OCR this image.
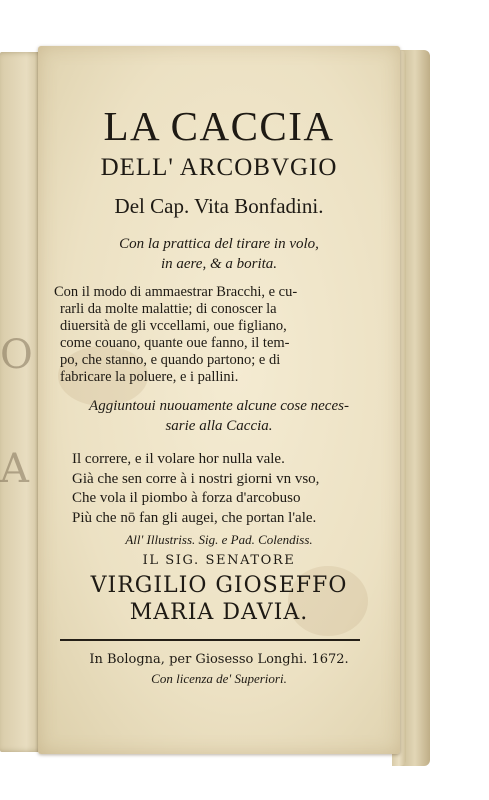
O
A
LA CACCIA
DELL' ARCOBVGIO
Del Cap. Vita Bonfadini.
Con la prattica del tirare in volo,
in aere, & a borita.
Con il modo di ammaestrar Bracchi, e cu-
rarli da molte malattie; di conoscer la
diuersità de gli vccellami, oue figliano,
come couano, quante oue fanno, il tem-
po, che stanno, e quando partono; e di
fabricare la poluere, e i pallini.
Aggiuntoui nuouamente alcune cose neces-
sarie alla Caccia.
Il correre, e il volare hor nulla vale.
Già che sen corre à i nostri giorni vn vso,
Che vola il piombo à forza d'arcobuso
Più che nō fan gli augei, che portan l'ale.
All' Illustriss. Sig. e Pad. Colendiss.
IL SIG. SENATORE
VIRGILIO GIOSEFFO
MARIA DAVIA.
In Bologna, per Giosesso Longhi. 1672.
Con licenza de' Superiori.
